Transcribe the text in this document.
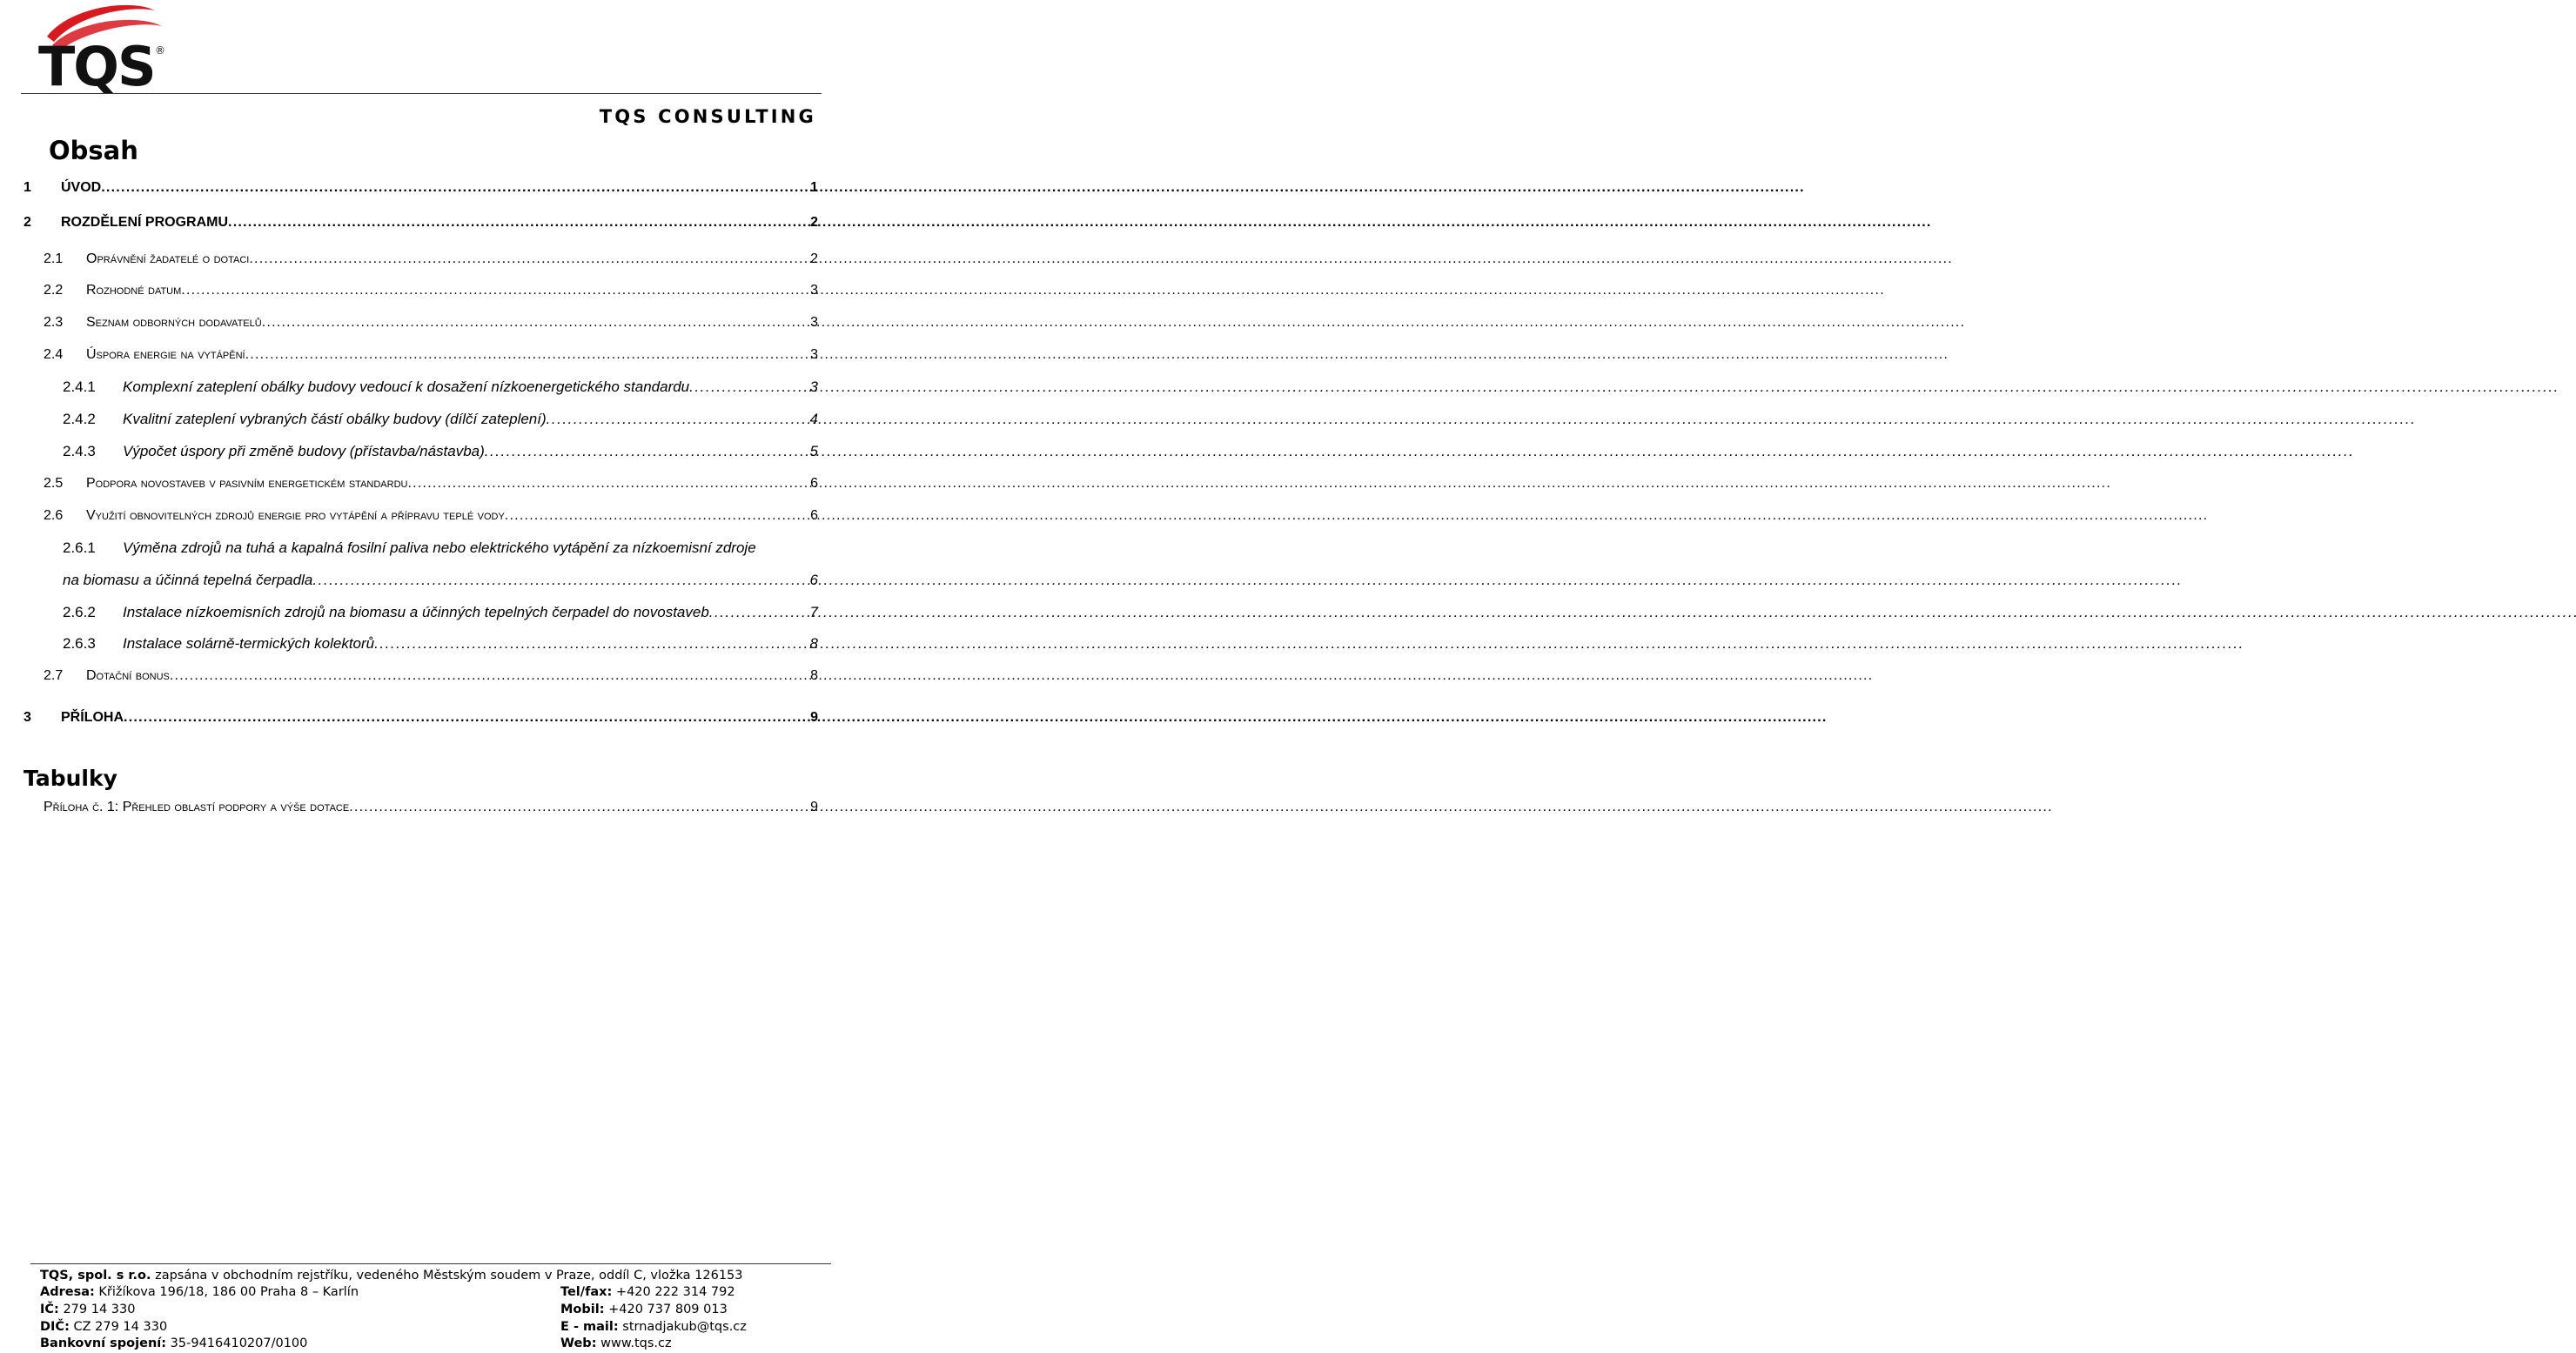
TQS ®
TQS CONSULTING
Obsah
1	ÚVOD . . .	1
2	ROZDĚLENÍ PROGRAMU . . .	2
2.1	Oprávnění žadatelé o dotaci . . .	2
2.2	Rozhodné datum . . .	3
2.3	Seznam odborných dodavatelů . . .	3
2.4	Úspora energie na vytápění . . .	3
2.4.1	Komplexní zateplení obálky budovy vedoucí k dosažení nízkoenergetického standardu . . .	3
2.4.2	Kvalitní zateplení vybraných částí obálky budovy (dílčí zateplení) . . .	4
2.4.3	Výpočet úspory při změně budovy (přístavba/nástavba) . . .	5
2.5	Podpora novostaveb v pasivním energetickém standardu . . .	6
2.6	Využití obnovitelných zdrojů energie pro vytápění a přípravu teplé vody . . .	6
2.6.1 Výměna zdrojů na tuhá a kapalná fosilní paliva nebo elektrického vytápění za nízkoemisní zdroje
na biomasu a účinná tepelná čerpadla . . .	6
2.6.2	Instalace nízkoemisních zdrojů na biomasu a účinných tepelných čerpadel do novostaveb . . .	7
2.6.3	Instalace solárně-termických kolektorů . . .	8
2.7	Dotační bonus . . .	8
3	PŘÍLOHA . . .	9
Tabulky
Příloha č. 1: Přehled oblastí podpory a výše dotace . . .	9
TQS, spol. s r.o. zapsána v obchodním rejstříku, vedeného Městským soudem v Praze, oddíl C, vložka 126153
Adresa: Křižíkova 196/18, 186 00 Praha 8 – Karlín
IČ: 279 14 330
DIČ: CZ 279 14 330
Bankovní spojení: 35-9416410207/0100
Tel/fax: +420 222 314 792
Mobil: +420 737 809 013
E - mail: strnadjakub@tqs.cz
Web: www.tqs.cz
